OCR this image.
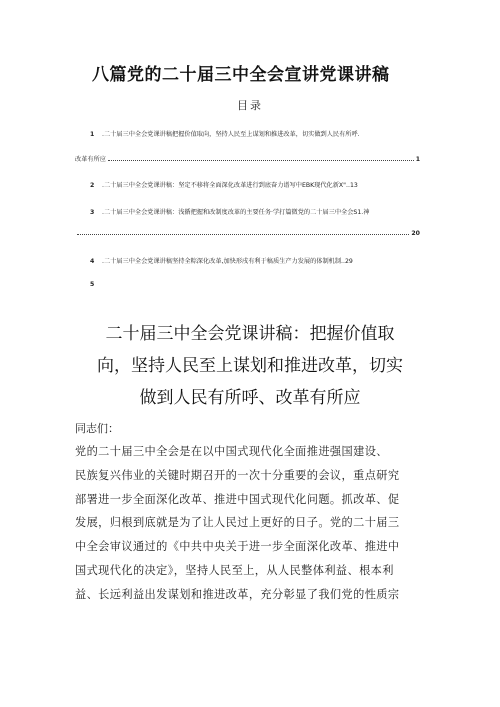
八篇党的二十届三中全会宣讲党课讲稿
目录
1 .二十届三中全会党课讲稿把握价值取向，坚持人民至上谋划和推进改革，切实做到人民有所呼.
改革有所应	1
2 .二十届三中全会党课讲稿：坚定不移将全面深化改革进行到底奋力谱写中EBK现代化新X"..13
3 .二十届三中全会党课讲稿：浅循把握和改制度改革的主要任务·学打篇微党的二十届三中全会S1.神
20
4 .二十届三中全会党课讲稿坚持全粽深化改革,加快形戌有利于稿质生产力发展的体制机制..29
5
二十届三中全会党课讲稿：把握价值取
向，坚持人民至上谋划和推进改革，切实
做到人民有所呼、改革有所应
同志们：
党的二十届三中全会是在以中国式现代化全面推进强国建设、
民族复兴伟业的关键时期召开的一次十分重要的会议，重点研究
部署进一步全面深化改革、推进中国式现代化问题。抓改革、促
发展，归根到底就是为了让人民过上更好的日子。党的二十届三
中全会审议通过的《中共中央关于进一步全面深化改革、推进中
国式现代化的决定》，坚持人民至上，从人民整体利益、根本利
益、长远利益出发谋划和推进改革，充分彰显了我们党的性质宗
